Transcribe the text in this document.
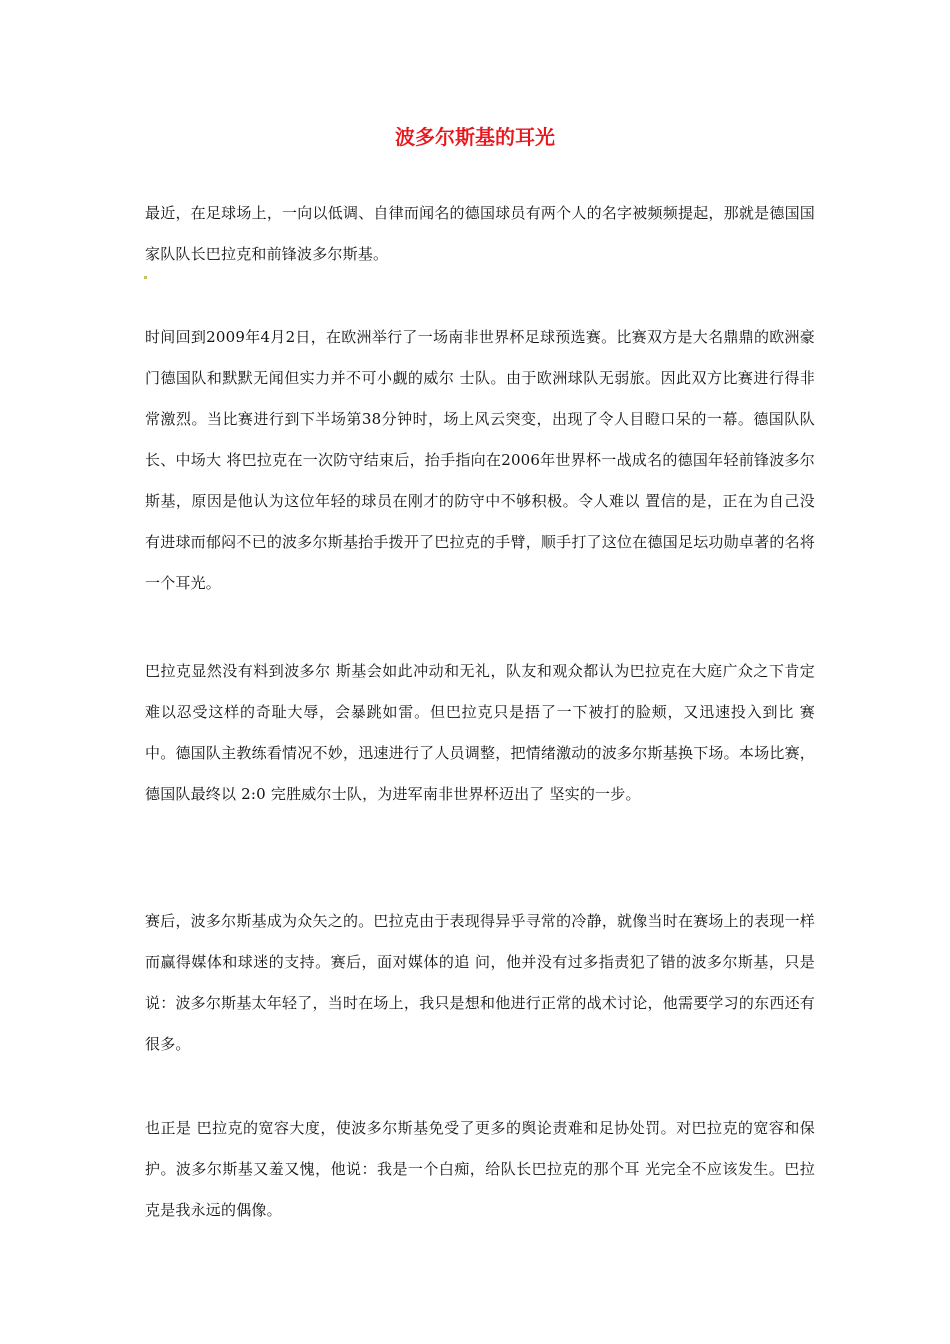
波多尔斯基的耳光

最近，在足球场上，一向以低调、自律而闻名的德国球员有两个人的名字被频频提起，那就是德国国家队队长巴拉克和前锋波多尔斯基。

时间回到2009年4月2日，在欧洲举行了一场南非世界杯足球预选赛。比赛双方是大名鼎鼎的欧洲豪门德国队和默默无闻但实力并不可小觑的威尔 士队。由于欧洲球队无弱旅。因此双方比赛进行得非常激烈。当比赛进行到下半场第38分钟时，场上风云突变，出现了令人目瞪口呆的一幕。德国队队长、中场大 将巴拉克在一次防守结束后，抬手指向在2006年世界杯一战成名的德国年轻前锋波多尔斯基，原因是他认为这位年轻的球员在刚才的防守中不够积极。令人难以 置信的是，正在为自己没有进球而郁闷不已的波多尔斯基抬手拨开了巴拉克的手臂，顺手打了这位在德国足坛功勋卓著的名将一个耳光。

巴拉克显然没有料到波多尔 斯基会如此冲动和无礼，队友和观众都认为巴拉克在大庭广众之下肯定难以忍受这样的奇耻大辱，会暴跳如雷。但巴拉克只是捂了一下被打的脸颊，又迅速投入到比 赛中。德国队主教练看情况不妙，迅速进行了人员调整，把情绪激动的波多尔斯基换下场。本场比赛，德国队最终以 2:0 完胜威尔士队，为进军南非世界杯迈出了 坚实的一步。

赛后，波多尔斯基成为众矢之的。巴拉克由于表现得异乎寻常的冷静，就像当时在赛场上的表现一样而赢得媒体和球迷的支持。赛后，面对媒体的追 问，他并没有过多指责犯了错的波多尔斯基，只是说：波多尔斯基太年轻了，当时在场上，我只是想和他进行正常的战术讨论，他需要学习的东西还有很多。

也正是 巴拉克的宽容大度，使波多尔斯基免受了更多的舆论责难和足协处罚。对巴拉克的宽容和保护。波多尔斯基又羞又愧，他说：我是一个白痴，给队长巴拉克的那个耳 光完全不应该发生。巴拉克是我永远的偶像。
